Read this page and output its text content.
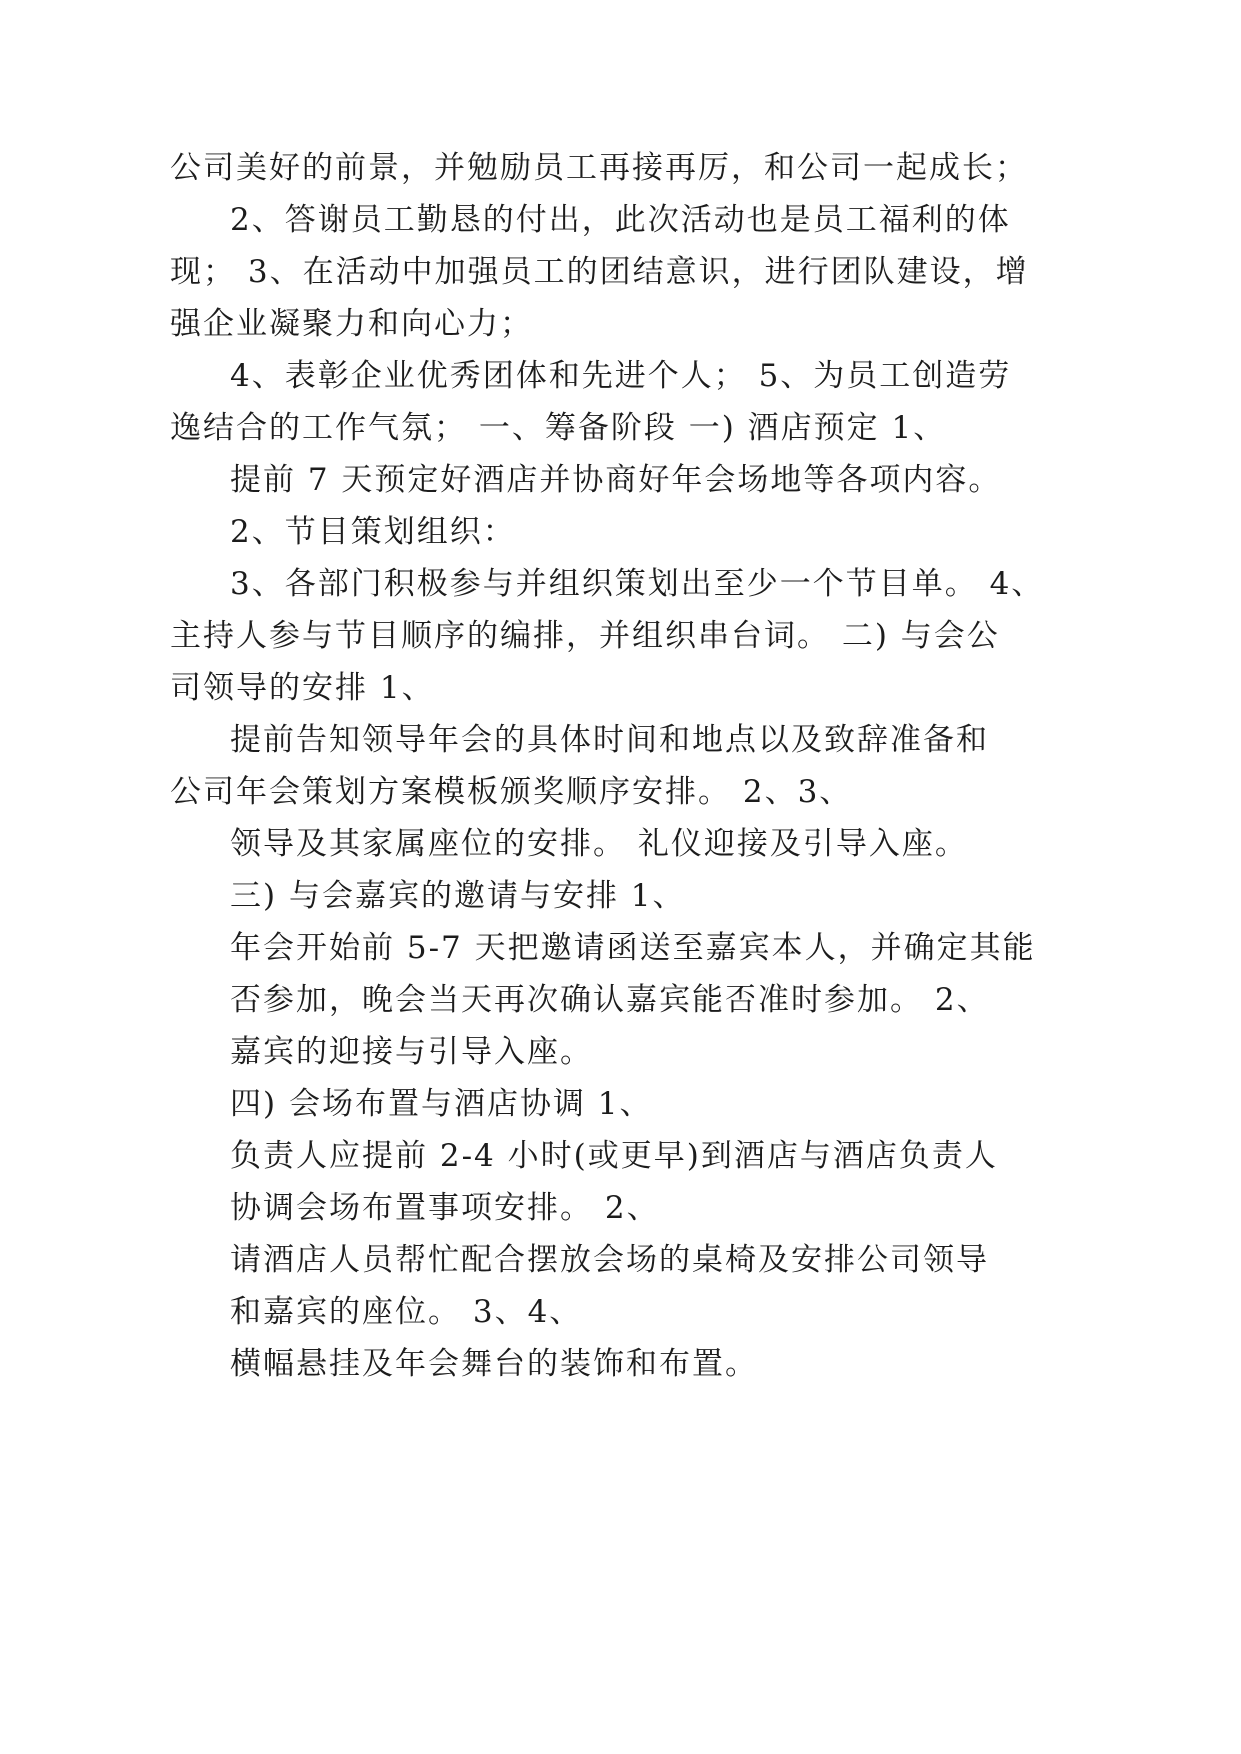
公司美好的前景，并勉励员工再接再厉，和公司一起成长；

2、答谢员工勤恳的付出，此次活动也是员工福利的体

现； 3、在活动中加强员工的团结意识，进行团队建设，增

强企业凝聚力和向心力；

4、表彰企业优秀团体和先进个人； 5、为员工创造劳

逸结合的工作气氛； 一、筹备阶段 一) 酒店预定 1、

提前 7 天预定好酒店并协商好年会场地等各项内容。

2、节目策划组织：

3、各部门积极参与并组织策划出至少一个节目单。 4、

主持人参与节目顺序的编排，并组织串台词。 二) 与会公

司领导的安排 1、

提前告知领导年会的具体时间和地点以及致辞准备和

公司年会策划方案模板颁奖顺序安排。 2、3、

领导及其家属座位的安排。 礼仪迎接及引导入座。

三) 与会嘉宾的邀请与安排 1、

年会开始前 5-7 天把邀请函送至嘉宾本人，并确定其能

否参加，晚会当天再次确认嘉宾能否准时参加。 2、

嘉宾的迎接与引导入座。

四) 会场布置与酒店协调 1、

负责人应提前 2-4 小时(或更早)到酒店与酒店负责人

协调会场布置事项安排。 2、

请酒店人员帮忙配合摆放会场的桌椅及安排公司领导

和嘉宾的座位。 3、4、

横幅悬挂及年会舞台的装饰和布置。
